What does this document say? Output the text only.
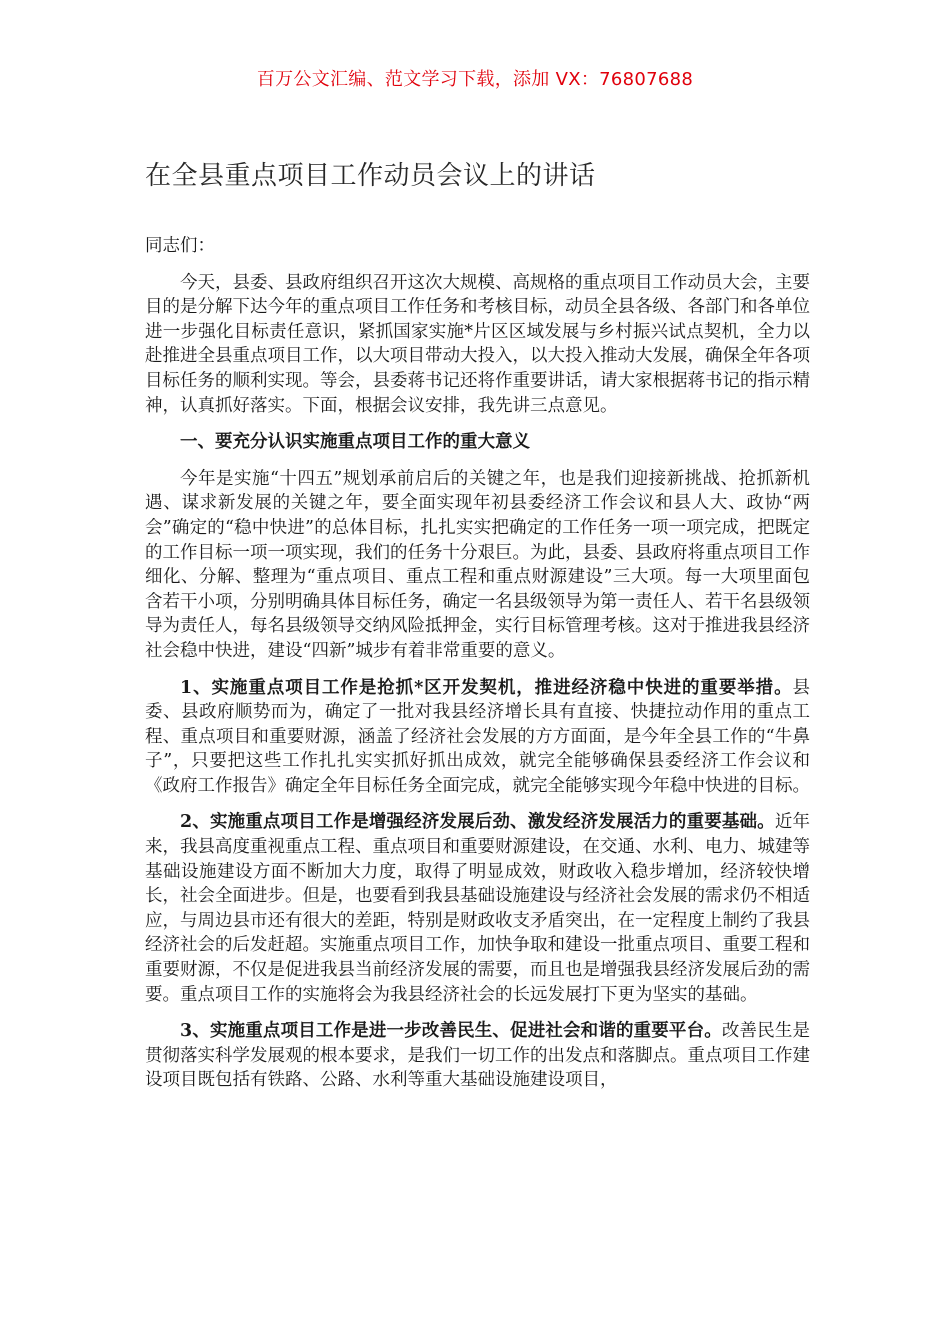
百万公文汇编、范文学习下载，添加 VX：76807688
在全县重点项目工作动员会议上的讲话

同志们：

今天，县委、县政府组织召开这次大规模、高规格的重点项目工作动员大会，主要目的是分解下达今年的重点项目工作任务和考核目标，动员全县各级、各部门和各单位进一步强化目标责任意识，紧抓国家实施*片区区域发展与乡村振兴试点契机，全力以赴推进全县重点项目工作，以大项目带动大投入，以大投入推动大发展，确保全年各项目标任务的顺利实现。等会，县委蒋书记还将作重要讲话，请大家根据蒋书记的指示精神，认真抓好落实。下面，根据会议安排，我先讲三点意见。

一、要充分认识实施重点项目工作的重大意义

今年是实施“十四五”规划承前启后的关键之年，也是我们迎接新挑战、抢抓新机遇、谋求新发展的关键之年，要全面实现年初县委经济工作会议和县人大、政协“两会”确定的“稳中快进”的总体目标，扎扎实实把确定的工作任务一项一项完成，把既定的工作目标一项一项实现，我们的任务十分艰巨。为此，县委、县政府将重点项目工作细化、分解、整理为“重点项目、重点工程和重点财源建设”三大项。每一大项里面包含若干小项，分别明确具体目标任务，确定一名县级领导为第一责任人、若干名县级领导为责任人，每名县级领导交纳风险抵押金，实行目标管理考核。这对于推进我县经济社会稳中快进，建设“四新”城步有着非常重要的意义。

1、实施重点项目工作是抢抓*区开发契机，推进经济稳中快进的重要举措。县委、县政府顺势而为，确定了一批对我县经济增长具有直接、快捷拉动作用的重点工程、重点项目和重要财源，涵盖了经济社会发展的方方面面，是今年全县工作的“牛鼻子”，只要把这些工作扎扎实实抓好抓出成效，就完全能够确保县委经济工作会议和《政府工作报告》确定全年目标任务全面完成，就完全能够实现今年稳中快进的目标。

2、实施重点项目工作是增强经济发展后劲、激发经济发展活力的重要基础。近年来，我县高度重视重点工程、重点项目和重要财源建设，在交通、水利、电力、城建等基础设施建设方面不断加大力度，取得了明显成效，财政收入稳步增加，经济较快增长，社会全面进步。但是，也要看到我县基础设施建设与经济社会发展的需求仍不相适应，与周边县市还有很大的差距，特别是财政收支矛盾突出，在一定程度上制约了我县经济社会的后发赶超。实施重点项目工作，加快争取和建设一批重点项目、重要工程和重要财源，不仅是促进我县当前经济发展的需要，而且也是增强我县经济发展后劲的需要。重点项目工作的实施将会为我县经济社会的长远发展打下更为坚实的基础。

3、实施重点项目工作是进一步改善民生、促进社会和谐的重要平台。改善民生是贯彻落实科学发展观的根本要求，是我们一切工作的出发点和落脚点。重点项目工作建设项目既包括有铁路、公路、水利等重大基础设施建设项目，
